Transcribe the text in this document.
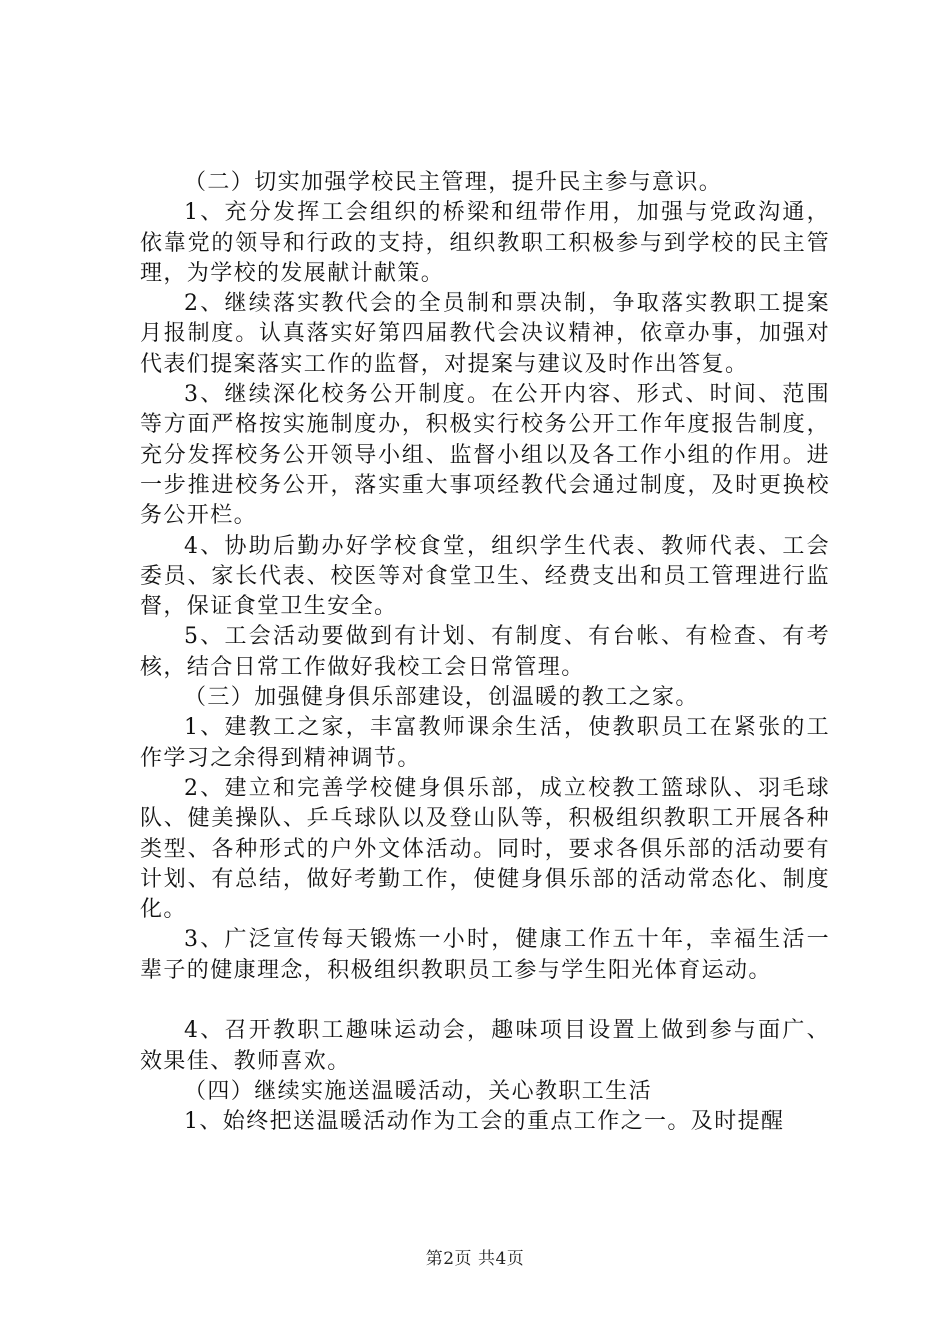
（二）切实加强学校民主管理，提升民主参与意识。

1、充分发挥工会组织的桥梁和纽带作用，加强与党政沟通，依靠党的领导和行政的支持，组织教职工积极参与到学校的民主管理，为学校的发展献计献策。

2、继续落实教代会的全员制和票决制，争取落实教职工提案月报制度。认真落实好第四届教代会决议精神，依章办事，加强对代表们提案落实工作的监督，对提案与建议及时作出答复。

3、继续深化校务公开制度。在公开内容、形式、时间、范围等方面严格按实施制度办，积极实行校务公开工作年度报告制度，充分发挥校务公开领导小组、监督小组以及各工作小组的作用。进一步推进校务公开，落实重大事项经教代会通过制度，及时更换校务公开栏。

4、协助后勤办好学校食堂，组织学生代表、教师代表、工会委员、家长代表、校医等对食堂卫生、经费支出和员工管理进行监督，保证食堂卫生安全。

5、工会活动要做到有计划、有制度、有台帐、有检查、有考核，结合日常工作做好我校工会日常管理。

（三）加强健身俱乐部建设，创温暖的教工之家。

1、建教工之家，丰富教师课余生活，使教职员工在紧张的工作学习之余得到精神调节。

2、建立和完善学校健身俱乐部，成立校教工篮球队、羽毛球队、健美操队、乒乓球队以及登山队等，积极组织教职工开展各种类型、各种形式的户外文体活动。同时，要求各俱乐部的活动要有计划、有总结，做好考勤工作，使健身俱乐部的活动常态化、制度化。

3、广泛宣传每天锻炼一小时，健康工作五十年，幸福生活一辈子的健康理念，积极组织教职员工参与学生阳光体育运动。

4、召开教职工趣味运动会，趣味项目设置上做到参与面广、效果佳、教师喜欢。

（四）继续实施送温暖活动，关心教职工生活

1、始终把送温暖活动作为工会的重点工作之一。及时提醒

第2页 共4页
